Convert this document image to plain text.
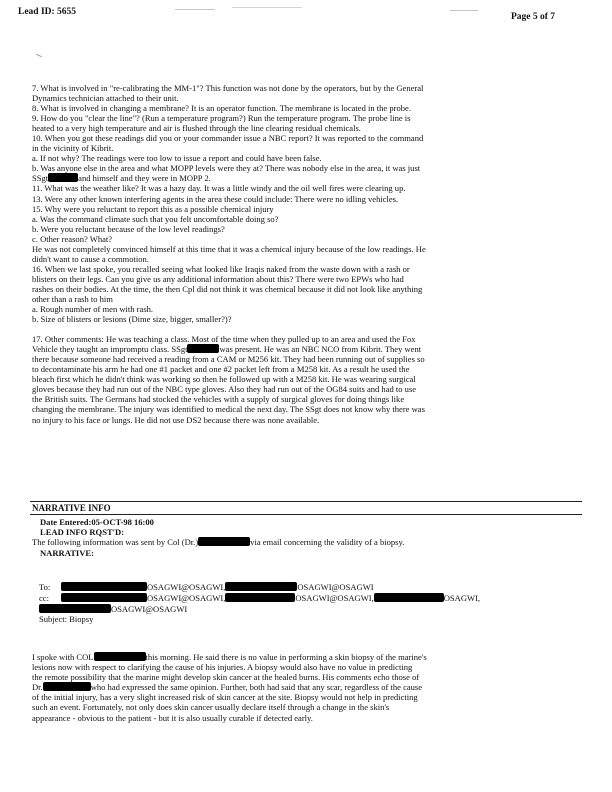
Lead ID: 5655	Page 5 of 7
7. What is involved in "re-calibrating the MM-1"? This function was not done by the operators, but by the General
Dynamics technician attached to their unit.
8. What is involved in changing a membrane? It is an operator function. The membrane is located in the probe.
9. How do you "clear the line"? (Run a temperature program?) Run the temperature program. The probe line is
heated to a very high temperature and air is flushed through the line clearing residual chemicals.
10. When you got these readings did you or your commander issue a NBC report? It was reported to the command
in the vicinity of Kibrit.
a. If not why? The readings were too low to issue a report and could have been false.
b. Was anyone else in the area and what MOPP levels were they at? There was nobody else in the area, it was just
SSgt	and himself and they were in MOPP 2.
11. What was the weather like? It was a hazy day. It was a little windy and the oil well fires were clearing up.
13. Were any other known interfering agents in the area these could include: There were no idling vehicles.
15. Why were you reluctant to report this as a possible chemical injury
a. Was the command climate such that you felt uncomfortable doing so?
b. Were you reluctant because of the low level readings?
c. Other reason? What?
He was not completely convinced himself at this time that it was a chemical injury because of the low readings. He
didn't want to cause a commotion.
16. When we last spoke, you recalled seeing what looked like Iraqis naked from the waste down with a rash or
blisters on their legs. Can you give us any additional information about this? There were two EPWs who had
rashes on their bodies. At the time, the then Cpl did not think it was chemical because it did not look like anything
other than a rash to him
a. Rough number of men with rash.
b. Size of blisters or lesions (Dime size, bigger, smaller?)?
17. Other comments: He was teaching a class. Most of the time when they pulled up to an area and used the Fox
Vehicle they taught an impromptu class. SSgt	was present. He was an NBC NCO from Kibrit. They went
there because someone had received a reading from a CAM or M256 kit. They had been running out of supplies so
to decontaminate his arm he had one #1 packet and one #2 packet left from a M258 kit. As a result he used the
bleach first which he didn't think was working so then he followed up with a M258 kit. He was wearing surgical
gloves because they had run out of the NBC type gloves. Also they had run out of the OG84 suits and had to use
the British suits. The Germans had stocked the vehicles with a supply of surgical gloves for doing things like
changing the membrane. The injury was identified to medical the next day. The SSgt does not know why there was
no injury to his face or lungs. He did not use DS2 because there was none available.
NARRATIVE INFO
Date Entered:05-OCT-98 16:00
LEAD INFO RQST'D:
The following information was sent by Col (Dr.)	via email concerning the validity of a biopsy.
NARRATIVE:
To:	OSAGWI@OSAGWI,	OSAGWI@OSAGWI
cc:	OSAGWI@OSAGWI,	OSAGWI@OSAGWI,	OSAGWI,
OSAGWI@OSAGWI
Subject: Biopsy
I spoke with COL	this morning. He said there is no value in performing a skin biopsy of the marine's
lesions now with respect to clarifying the cause of his injuries. A biopsy would also have no value in predicting
the remote possibility that the marine might develop skin cancer at the healed burns. His comments echo those of
Dr.	who had expressed the same opinion. Further, both had said that any scar, regardless of the cause
of the initial injury, has a very slight increased risk of skin cancer at the site. Biopsy would not help in predicting
such an event. Fortunately, not only does skin cancer usually declare itself through a change in the skin's
appearance - obvious to the patient - but it is also usually curable if detected early.
